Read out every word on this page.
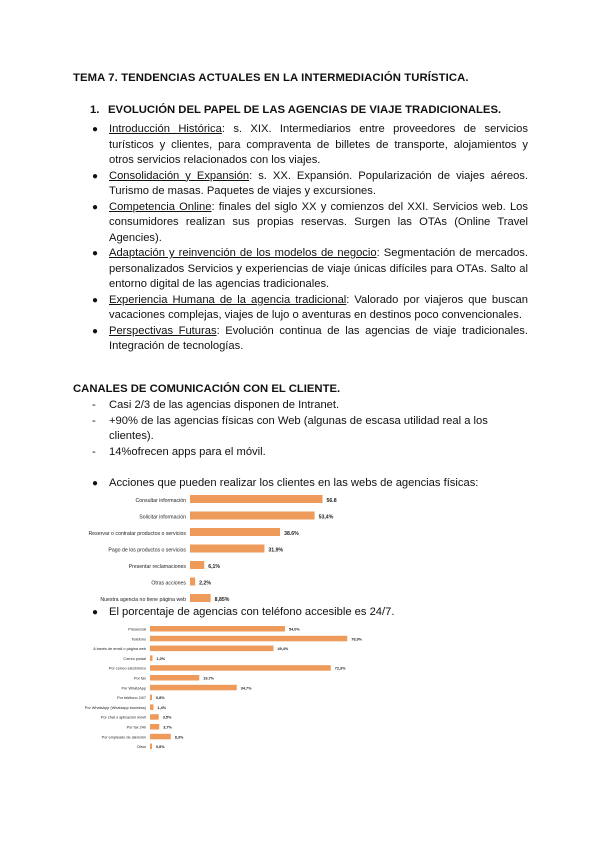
TEMA 7. TENDENCIAS ACTUALES EN LA INTERMEDIACIÓN TURÍSTICA.
1. EVOLUCIÓN DEL PAPEL DE LAS AGENCIAS DE VIAJE TRADICIONALES.
● Introducción Histórica: s. XIX. Intermediarios entre proveedores de servicios turísticos y clientes, para compraventa de billetes de transporte, alojamientos y otros servicios relacionados con los viajes.
● Consolidación y Expansión: s. XX. Expansión. Popularización de viajes aéreos. Turismo de masas. Paquetes de viajes y excursiones.
● Competencia Online: finales del siglo XX y comienzos del XXI. Servicios web. Los consumidores realizan sus propias reservas. Surgen las OTAs (Online Travel Agencies).
● Adaptación y reinvención de los modelos de negocio: Segmentación de mercados. personalizados Servicios y experiencias de viaje únicas difíciles para OTAs. Salto al entorno digital de las agencias tradicionales.
● Experiencia Humana de la agencia tradicional: Valorado por viajeros que buscan vacaciones complejas, viajes de lujo o aventuras en destinos poco convencionales.
● Perspectivas Futuras: Evolución continua de las agencias de viaje tradicionales. Integración de tecnologías.
CANALES DE COMUNICACIÓN CON EL CLIENTE.
- Casi 2/3 de las agencias disponen de Intranet.
- +90% de las agencias físicas con Web (algunas de escasa utilidad real a los clientes).
- 14%ofrecen apps para el móvil.
● Acciones que pueden realizar los clientes en las webs de agencias físicas:
Consultar información	56.8
Solicitar información	53,4%
Reservar o contratar productos o servicios	38.6%
Pago de los productos o servicios	31,9%
Presentar reclamaciones	6,1%
Otras acciones	2,2%
Nuestra agencia no tiene página web	8,85%
● El porcentaje de agencias con teléfono accesible es 24/7.
Presencial	54,0%
Teléfono	78,9%
A través de email o página web	49,4%
Correo postal	1,0%
Por correo electrónico	72,3%
Por fax	19,7%
Por WhatsApp	34,7%
Por teléfono 24/7	0,8%
Por WhatsApp (Whatsapp business)	1,4%
Por chat o aplicación móvil	3,5%
Por fax 24h	3,7%
Por empleado de atención	8,3%
Otros	0,8%
